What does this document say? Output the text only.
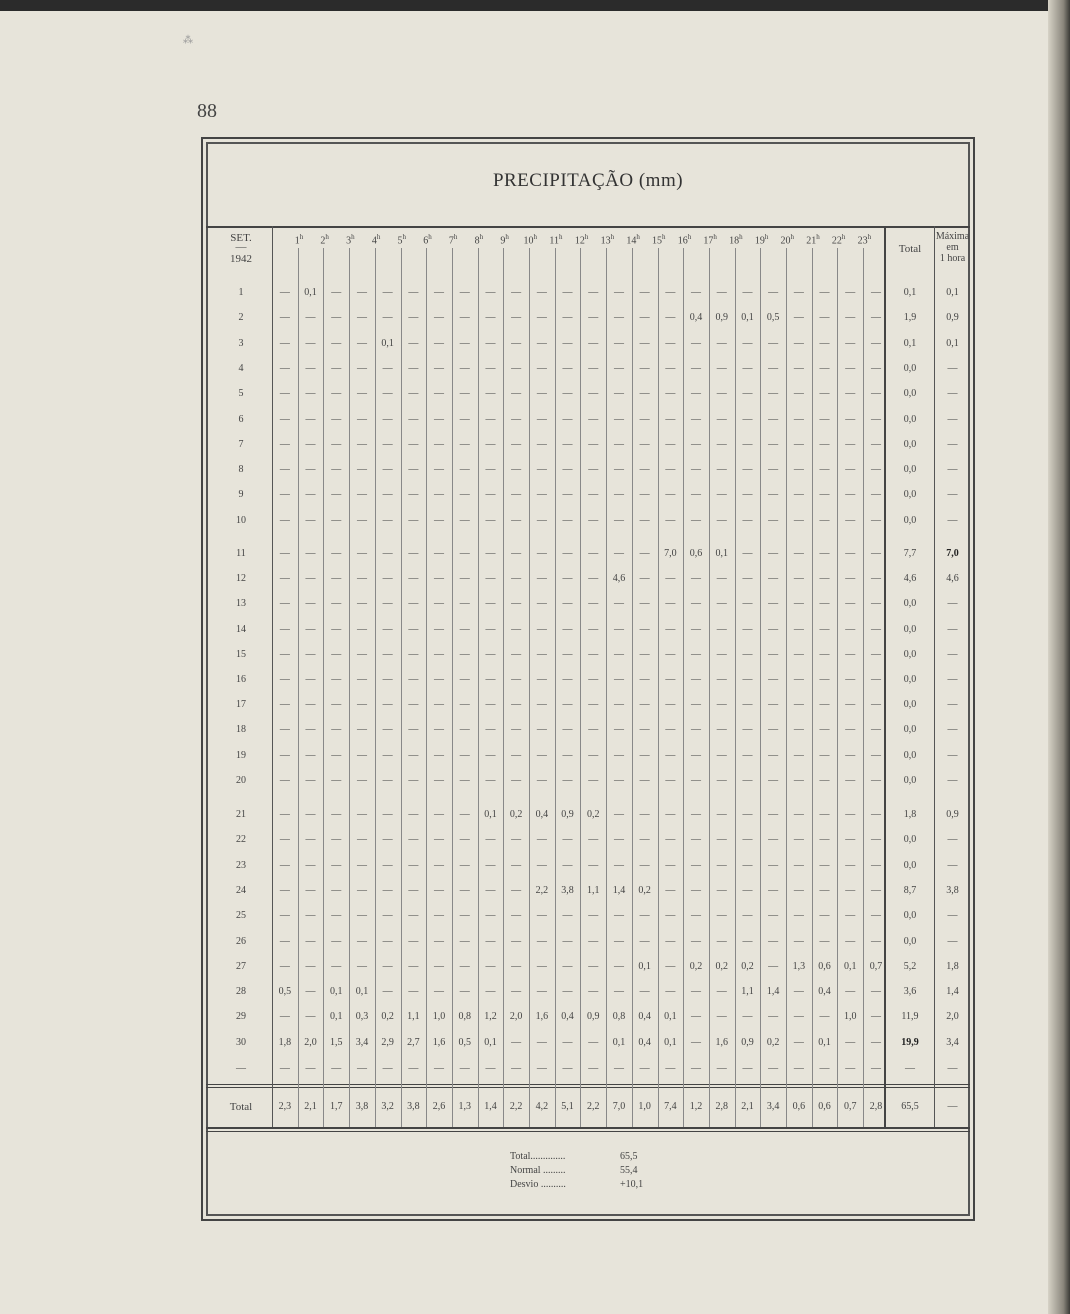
⁂
88
PRECIPITAÇÃO (mm)
SET.
—
1942
Total
Máxima
em
1 hora
1$^h$	2$^h$	3$^h$	4$^h$	5$^h$	6$^h$	7$^h$	8$^h$	9$^h$	10$^h$	11$^h$	12$^h$	13$^h$	14$^h$	15$^h$	16$^h$	17$^h$	18$^h$	19$^h$	20$^h$	21$^h$	22$^h$	23$^h$
1	—	0,1	—	—	—	—	—	—	—	—	—	—	—	—	—	—	—	—	—	—	—	—	—	—	0,1	0,1
2	—	—	—	—	—	—	—	—	—	—	—	—	—	—	—	—	0,4	0,9	0,1	0,5	—	—	—	—	1,9	0,9
3	—	—	—	—	0,1	—	—	—	—	—	—	—	—	—	—	—	—	—	—	—	—	—	—	—	0,1	0,1
4	—	—	—	—	—	—	—	—	—	—	—	—	—	—	—	—	—	—	—	—	—	—	—	—	0,0	—
5	—	—	—	—	—	—	—	—	—	—	—	—	—	—	—	—	—	—	—	—	—	—	—	—	0,0	—
6	—	—	—	—	—	—	—	—	—	—	—	—	—	—	—	—	—	—	—	—	—	—	—	—	0,0	—
7	—	—	—	—	—	—	—	—	—	—	—	—	—	—	—	—	—	—	—	—	—	—	—	—	0,0	—
8	—	—	—	—	—	—	—	—	—	—	—	—	—	—	—	—	—	—	—	—	—	—	—	—	0,0	—
9	—	—	—	—	—	—	—	—	—	—	—	—	—	—	—	—	—	—	—	—	—	—	—	—	0,0	—
10	—	—	—	—	—	—	—	—	—	—	—	—	—	—	—	—	—	—	—	—	—	—	—	—	0,0	—
11	—	—	—	—	—	—	—	—	—	—	—	—	—	—	—	7,0	0,6	0,1	—	—	—	—	—	—	7,7	7,0
12	—	—	—	—	—	—	—	—	—	—	—	—	—	4,6	—	—	—	—	—	—	—	—	—	—	4,6	4,6
13	—	—	—	—	—	—	—	—	—	—	—	—	—	—	—	—	—	—	—	—	—	—	—	—	0,0	—
14	—	—	—	—	—	—	—	—	—	—	—	—	—	—	—	—	—	—	—	—	—	—	—	—	0,0	—
15	—	—	—	—	—	—	—	—	—	—	—	—	—	—	—	—	—	—	—	—	—	—	—	—	0,0	—
16	—	—	—	—	—	—	—	—	—	—	—	—	—	—	—	—	—	—	—	—	—	—	—	—	0,0	—
17	—	—	—	—	—	—	—	—	—	—	—	—	—	—	—	—	—	—	—	—	—	—	—	—	0,0	—
18	—	—	—	—	—	—	—	—	—	—	—	—	—	—	—	—	—	—	—	—	—	—	—	—	0,0	—
19	—	—	—	—	—	—	—	—	—	—	—	—	—	—	—	—	—	—	—	—	—	—	—	—	0,0	—
20	—	—	—	—	—	—	—	—	—	—	—	—	—	—	—	—	—	—	—	—	—	—	—	—	0,0	—
21	—	—	—	—	—	—	—	—	0,1	0,2	0,4	0,9	0,2	—	—	—	—	—	—	—	—	—	—	—	1,8	0,9
22	—	—	—	—	—	—	—	—	—	—	—	—	—	—	—	—	—	—	—	—	—	—	—	—	0,0	—
23	—	—	—	—	—	—	—	—	—	—	—	—	—	—	—	—	—	—	—	—	—	—	—	—	0,0	—
24	—	—	—	—	—	—	—	—	—	—	2,2	3,8	1,1	1,4	0,2	—	—	—	—	—	—	—	—	—	8,7	3,8
25	—	—	—	—	—	—	—	—	—	—	—	—	—	—	—	—	—	—	—	—	—	—	—	—	0,0	—
26	—	—	—	—	—	—	—	—	—	—	—	—	—	—	—	—	—	—	—	—	—	—	—	—	0,0	—
27	—	—	—	—	—	—	—	—	—	—	—	—	—	—	0,1	—	0,2	0,2	0,2	—	1,3	0,6	0,1	0,7	5,2	1,8
28	0,5	—	0,1	0,1	—	—	—	—	—	—	—	—	—	—	—	—	—	—	1,1	1,4	—	0,4	—	—	3,6	1,4
29	—	—	0,1	0,3	0,2	1,1	1,0	0,8	1,2	2,0	1,6	0,4	0,9	0,8	0,4	0,1	—	—	—	—	—	—	1,0	—	11,9	2,0
30	1,8	2,0	1,5	3,4	2,9	2,7	1,6	0,5	0,1	—	—	—	—	0,1	0,4	0,1	—	1,6	0,9	0,2	—	0,1	—	—	19,9	3,4
—	—	—	—	—	—	—	—	—	—	—	—	—	—	—	—	—	—	—	—	—	—	—	—	—	—	—
Total	2,3	2,1	1,7	3,8	3,2	3,8	2,6	1,3	1,4	2,2	4,2	5,1	2,2	7,0	1,0	7,4	1,2	2,8	2,1	3,4	0,6	0,6	0,7	2,8	65,5	—
Total..............	65,5
Normal .........	55,4
Desvio ..........	+10,1
